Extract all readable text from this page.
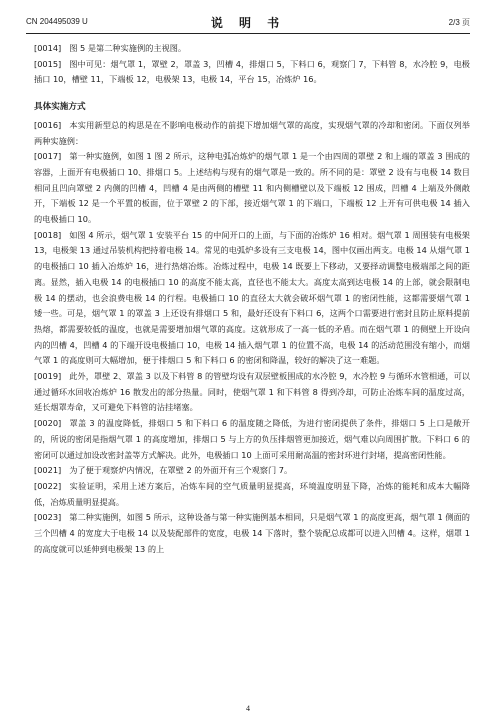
CN 204495039 U	说 明 书	2/3 页

[0014] 图 5 是第二种实施例的主视图。

[0015] 图中可见：烟气罩 1，罩壁 2，罩盖 3，凹槽 4，排烟口 5，下料口 6，观察门 7，下料管 8，水冷腔 9，电极插口 10，槽壁 11，下端板 12，电极架 13，电极 14，平台 15，冶炼炉 16。

具体实施方式

[0016] 本实用新型总的构思是在不影响电极动作的前提下增加烟气罩的高度，实现烟气罩的冷却和密闭。下面仅列举两种实施例：

[0017] 第一种实施例，如图 1 图 2 所示，这种电弧冶炼炉的烟气罩 1 是一个由四周的罩壁 2 和上端的罩盖 3 围成的容器，上面开有电极插口 10、排烟口 5。上述结构与现有的烟气罩是一致的。所不同的是：罩壁 2 设有与电极 14 数目相同且凹向罩壁 2 内侧的凹槽 4，凹槽 4 是由两侧的槽壁 11 和内侧槽壁以及下端板 12 围成，凹槽 4 上端及外侧敞开，下端板 12 是一个平置的板面，位于罩壁 2 的下部，接近烟气罩 1 的下端口，下端板 12 上开有可供电极 14 插入的电极插口 10。

[0018] 如图 4 所示，烟气罩 1 安装平台 15 的中间开口的上面，与下面的冶炼炉 16 相对。烟气罩 1 周围装有电极架 13，电极架 13 通过吊装机构把持着电极 14。常见的电弧炉多设有三支电极 14，图中仅画出两支。电极 14 从烟气罩 1 的电极插口 10 插入冶炼炉 16，进行热熔冶炼。冶炼过程中，电极 14 既要上下移动，又要择动调整电极端部之间的距离。显然，插入电极 14 的电极插口 10 的高度不能太高，直径也不能太大。高度太高到达电极 14 的上部，就会限制电极 14 的摆动，也会浪费电极 14 的行程。电极插口 10 的直径太大就会破坏烟气罩 1 的密闭性能，这都需要烟气罩 1 矮一些。可是，烟气罩 1 的罩盖 3 上还设有排烟口 5 和，最好还设有下料口 6，这两个口需要进行密封且防止原料提前热熔，都需要较低的温度，也就是需要增加烟气罩的高度。这就形成了一高一低的矛盾。而在烟气罩 1 的侧壁上开设向内的凹槽 4，凹槽 4 的下端开设电极插口 10，电极 14 插入烟气罩 1 的位置不高，电极 14 的活动范围没有缩小，而烟气罩 1 的高度则可大幅增加，便于排烟口 5 和下料口 6 的密闭和降温，较好的解决了这一难题。

[0019] 此外，罩壁 2、罩盖 3 以及下料管 8 的管壁均设有双层壁板围成的水冷腔 9，水冷腔 9 与循环水管相通，可以通过循环水回收冶炼炉 16 散发出的部分热量。同时，使烟气罩 1 和下料管 8 得到冷却，可防止冶炼车间的温度过高，延长烟罩寿命，又可避免下料管的沾挂堵塞。

[0020] 罩盖 3 的温度降低，排烟口 5 和下料口 6 的温度随之降低，为进行密闭提供了条件，排烟口 5 上口是敞开的，所说的密闭是指烟气罩 1 的高度增加，排烟口 5 与上方的负压排烟管更加接近，烟气难以向周围扩散。下料口 6 的密闭可以通过加设改密封盖等方式解决。此外，电极插口 10 上面可采用耐高温的密封环进行封堵，提高密闭性能。

[0021] 为了便于观察炉内情况，在罩壁 2 的外面开有三个观察门 7。

[0022] 实验证明，采用上述方案后，冶炼车间的空气质量明显提高，环境温度明显下降，冶炼的能耗和成本大幅降低，冶炼质量明显提高。

[0023] 第二种实施例，如图 5 所示，这种设备与第一种实施例基本相同，只是烟气罩 1 的高度更高，烟气罩 1 侧面的三个凹槽 4 的宽度大于电极 14 以及装配部件的宽度，电极 14 下落时，整个装配总成都可以进入凹槽 4。这样，烟罩 1 的高度就可以延伸到电极架 13 的上

4
